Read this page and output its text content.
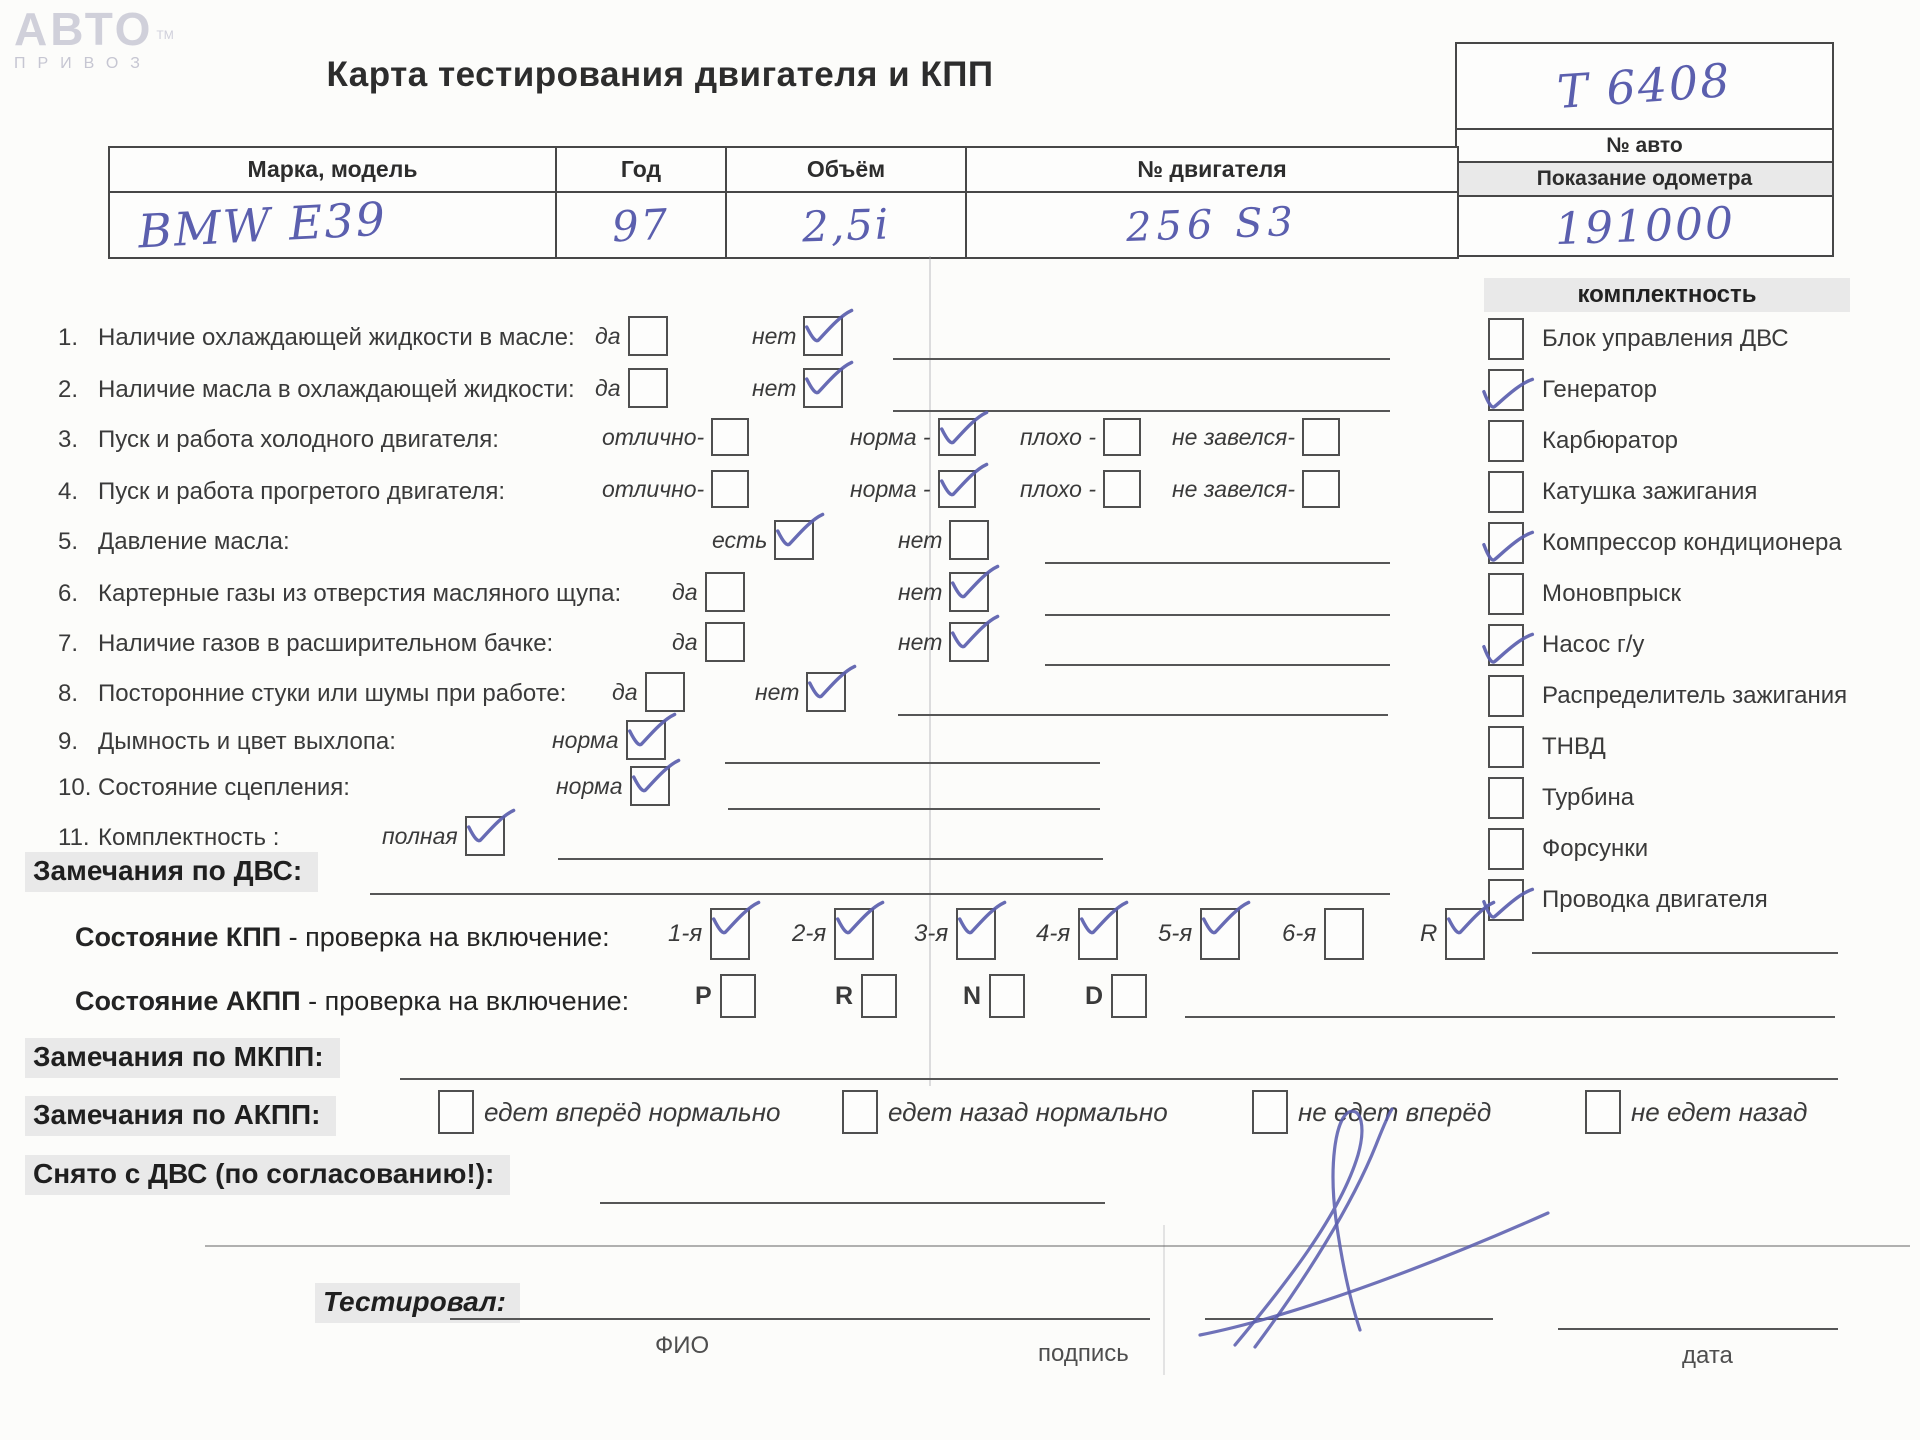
АВТО $^{ТМ}$
ПРИВОЗ	Карта тестирования двигателя и КПП	Т 6408
№ авто
Показание одометра
191000
Марка, модель	Год	Объём	№ двигателя
BMW E39	97	2,5i	256 S3
1. Наличие охлаждающей жидкости в масле: да	нет
2. Наличие масла в охлаждающей жидкости: да	нет
3. Пуск и работа холодного двигателя:	отлично-	норма -	плохо -	не завелся-
4. Пуск и работа прогретого двигателя:	отлично-	норма -	плохо -	не завелся-
5. Давление масла:	есть	нет
6. Картерные газы из отверстия масляного щупа: да	нет
7. Наличие газов в расширительном бачке:	да	нет
8. Посторонние стуки или шумы при работе: да	нет
9. Дымность и цвет выхлопа:	норма
10. Состояние сцепления:	норма
11. Комплектность :	полная
комплектность
Блок управления ДВС
Генератор
Карбюратор
Катушка зажигания
Компрессор кондиционера
Моновпрыск
Насос г/у
Распределитель зажигания
ТНВД
Турбина
Форсунки
Проводка двигателя
Замечания по ДВС:
Состояние КПП - проверка на включение: 1-я	2-я	3-я	4-я	5-я	6-я	R
Состояние АКПП - проверка на включение:	P	R	N	D
Замечания по МКПП:
Замечания по АКПП:	едет вперёд нормально	едет назад нормально	не едет вперёд	не едет назад
Снято с ДВС (по согласованию!):
Тестировал:
ФИО	подпись	дата
